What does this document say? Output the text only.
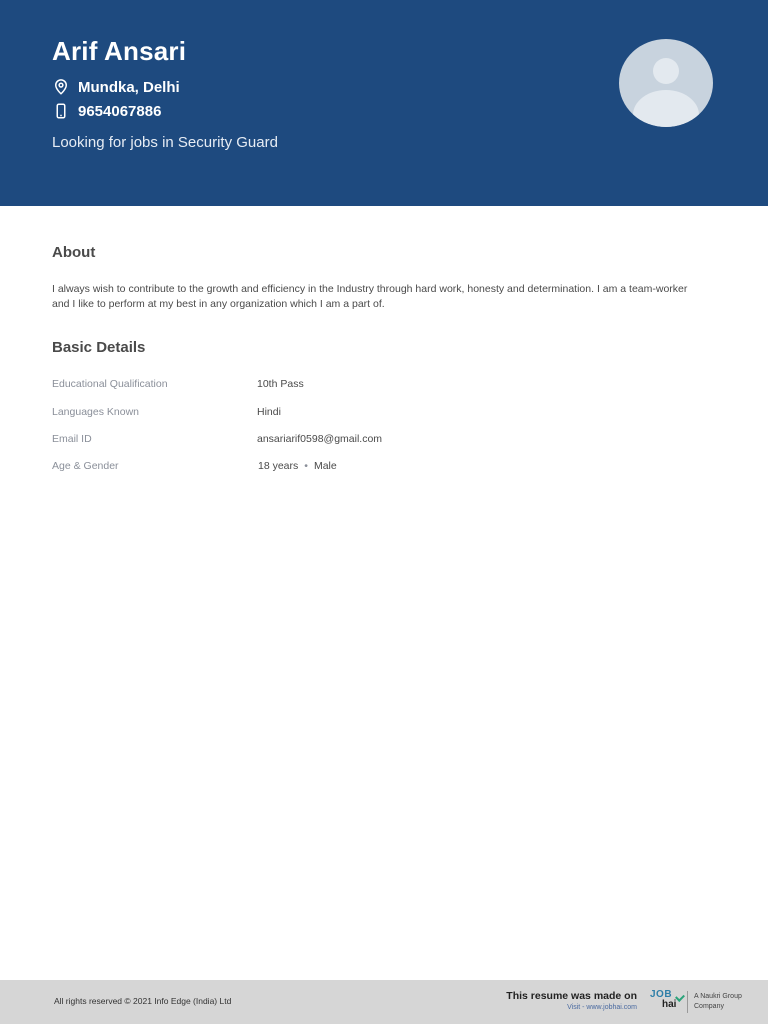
Arif Ansari
Mundka, Delhi
9654067886
Looking for jobs in Security Guard
About
I always wish to contribute to the growth and efficiency in the Industry through hard work, honesty and determination. I am a team-worker and I like to perform at my best in any organization which I am a part of.
Basic Details
Educational Qualification	10th Pass
Languages Known	Hindi
Email ID	ansariarif0598@gmail.com
Age & Gender	18 years • Male
All rights reserved © 2021 Info Edge (India) Ltd	This resume was made on
Visit - www.jobhai.com
JOB
hai
A Naukri Group
Company
